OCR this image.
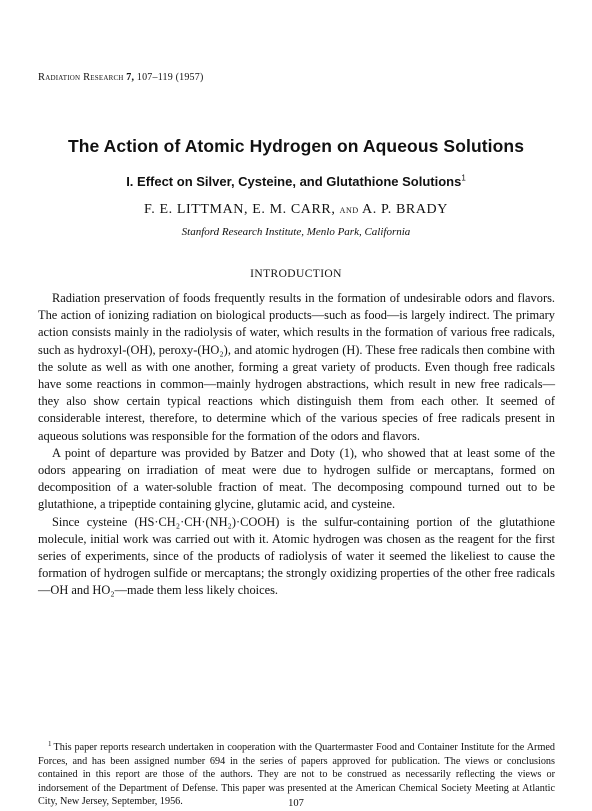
Radiation Research 7, 107–119 (1957)
The Action of Atomic Hydrogen on Aqueous Solutions
I. Effect on Silver, Cysteine, and Glutathione Solutions$^1$
F. E. LITTMAN, E. M. CARR, and A. P. BRADY
Stanford Research Institute, Menlo Park, California
INTRODUCTION

Radiation preservation of foods frequently results in the formation of undesirable odors and flavors. The action of ionizing radiation on biological products—such as food—is largely indirect. The primary action consists mainly in the radiolysis of water, which results in the formation of various free radicals, such as hydroxyl-(OH), peroxy-(HO₂), and atomic hydrogen (H). These free radicals then combine with the solute as well as with one another, forming a great variety of products. Even though free radicals have some reactions in common—mainly hydrogen abstractions, which result in new free radicals—they also show certain typical reactions which distinguish them from each other. It seemed of considerable interest, therefore, to determine which of the various species of free radicals present in aqueous solutions was responsible for the formation of the odors and flavors.

A point of departure was provided by Batzer and Doty (1), who showed that at least some of the odors appearing on irradiation of meat were due to hydrogen sulfide or mercaptans, formed on decomposition of a water-soluble fraction of meat. The decomposing compound turned out to be glutathione, a tripeptide containing glycine, glutamic acid, and cysteine.

Since cysteine (HS·CH₂·CH·(NH₂)·COOH) is the sulfur-containing portion of the glutathione molecule, initial work was carried out with it. Atomic hydrogen was chosen as the reagent for the first series of experiments, since of the products of radiolysis of water it seemed the likeliest to cause the formation of hydrogen sulfide or mercaptans; the strongly oxidizing properties of the other free radicals—OH and HO₂—made them less likely choices.

$^1$ This paper reports research undertaken in cooperation with the Quartermaster Food and Container Institute for the Armed Forces, and has been assigned number 694 in the series of papers approved for publication. The views or conclusions contained in this report are those of the authors. They are not to be construed as necessarily reflecting the views or indorsement of the Department of Defense. This paper was presented at the American Chemical Society Meeting at Atlantic City, New Jersey, September, 1956.	107
